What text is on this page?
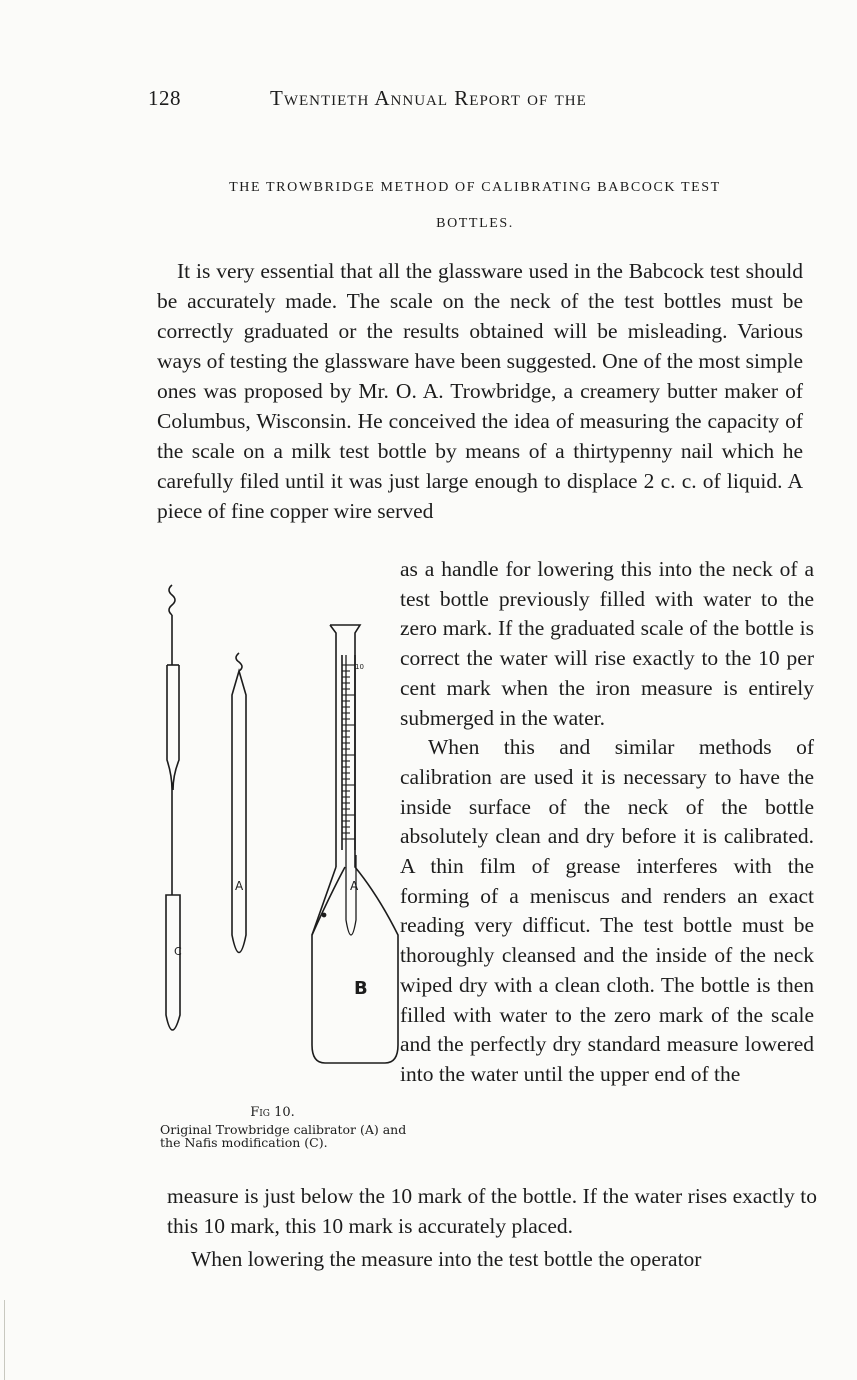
128	Twentieth Annual Report of the
THE TROWBRIDGE METHOD OF CALIBRATING BABCOCK TEST
BOTTLES.

It is very essential that all the glassware used in the Babcock test should be accurately made. The scale on the neck of the test bottles must be correctly graduated or the results obtained will be misleading. Various ways of testing the glassware have been suggested. One of the most simple ones was proposed by Mr. O. A. Trowbridge, a creamery butter maker of Columbus, Wisconsin. He conceived the idea of measuring the capacity of the scale on a milk test bottle by means of a thirtypenny nail which he carefully filed until it was just large enough to displace 2 c. c. of liquid. A piece of fine copper wire served

as a handle for lowering this into the neck of a test bottle previously filled with water to the zero mark. If the graduated scale of the bottle is correct the water will rise exactly to the 10 per cent mark when the iron measure is entirely submerged in the water.

When this and similar methods of calibration are used it is necessary to have the inside surface of the neck of the bottle absolutely clean and dry before it is calibrated. A thin film of grease interferes with the forming of a meniscus and renders an exact reading very difficut. The test bottle must be thoroughly cleansed and the inside of the neck wiped dry with a clean cloth. The bottle is then filled with water to the zero mark of the scale and the perfectly dry standard measure lowered into the water until the upper end of the

C
A	A
B
10
Fig 10.
Original Trowbridge calibrator (A) and the Nafis modification (C).

measure is just below the 10 mark of the bottle. If the water rises exactly to this 10 mark, this 10 mark is accurately placed.

When lowering the measure into the test bottle the operator
